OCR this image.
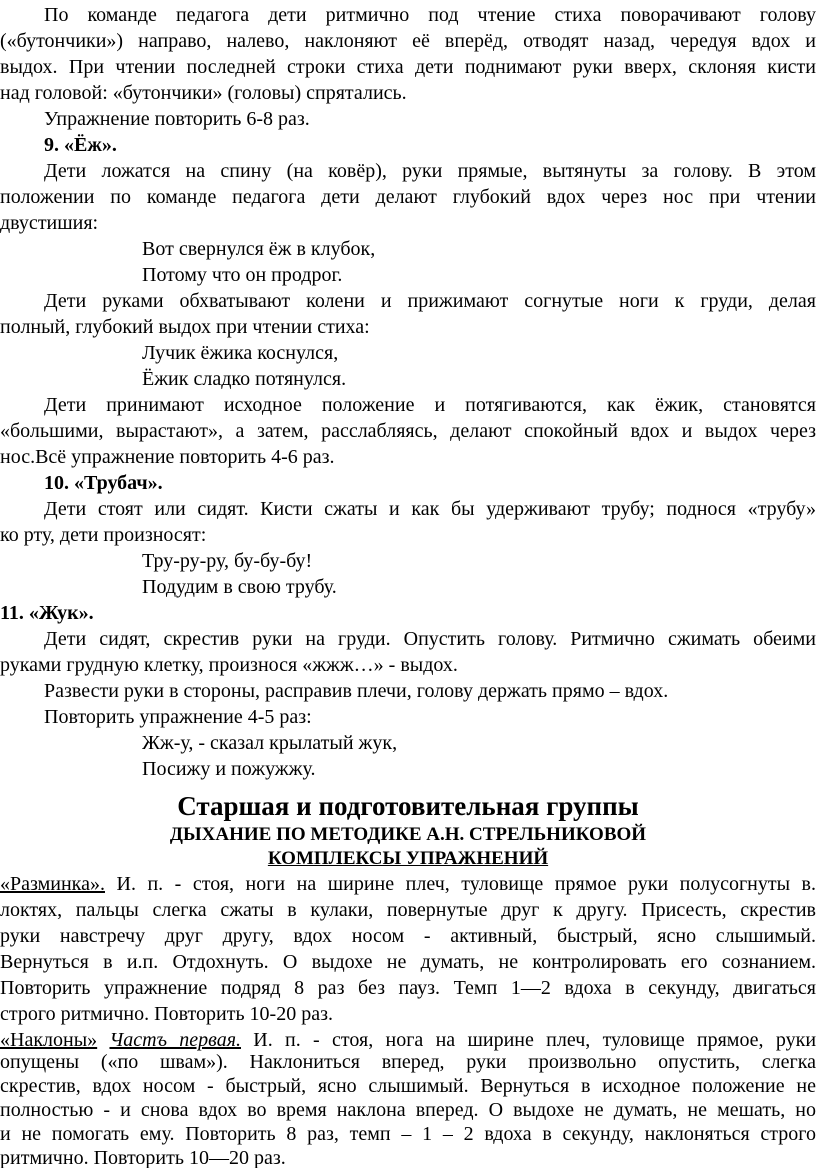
По команде педагога дети ритмично под чтение стиха поворачивают голову
(«бутончики») направо, налево, наклоняют её вперёд, отводят назад, чередуя вдох и
выдох. При чтении последней строки стиха дети поднимают руки вверх, склоняя кисти
над головой: «бутончики» (головы) спрятались.
Упражнение повторить 6-8 раз.
9. «Ёж».
Дети ложатся на спину (на ковёр), руки прямые, вытянуты за голову. В этом
положении по команде педагога дети делают глубокий вдох через нос при чтении
двустишия:
Вот свернулся ёж в клубок,
Потому что он продрог.
Дети руками обхватывают колени и прижимают согнутые ноги к груди, делая
полный, глубокий выдох при чтении стиха:
Лучик ёжика коснулся,
Ёжик сладко потянулся.
Дети принимают исходное положение и потягиваются, как ёжик, становятся
«большими, вырастают», а затем, расслабляясь, делают спокойный вдох и выдох через
нос.Всё упражнение повторить 4-6 раз.
10. «Трубач».
Дети стоят или сидят. Кисти сжаты и как бы удерживают трубу; поднося «трубу»
ко рту, дети произносят:
Тру-ру-ру, бу-бу-бу!
Подудим в свою трубу.
11. «Жук».
Дети сидят, скрестив руки на груди. Опустить голову. Ритмично сжимать обеими
руками грудную клетку, произнося «жжж…» - выдох.
Развести руки в стороны, расправив плечи, голову держать прямо – вдох.
Повторить упражнение 4-5 раз:
Жж-у, - сказал крылатый жук,
Посижу и пожужжу.
Старшая и подготовительная группы
ДЫХАНИЕ ПО МЕТОДИКЕ А.Н. СТРЕЛЬНИКОВОЙ
КОМПЛЕКСЫ УПРАЖНЕНИЙ
«Разминка». И. п. - стоя, ноги на ширине плеч, туловище прямое руки полусогнуты в.
локтях, пальцы слегка сжаты в кулаки, повернутые друг к другу. Присесть, скрестив
руки навстречу друг другу, вдох носом - активный, быстрый, ясно слышимый.
Вернуться в и.п. Отдохнуть. О выдохе не думать, не контролировать его сознанием.
Повторить упражнение подряд 8 раз без пауз. Темп 1—2 вдоха в секунду, двигаться
строго ритмично. Повторить 10-20 раз.
«Наклоны» Частъ первая. И. п. - стоя, нога на ширине плеч, туловище прямое, руки
опущены («по швам»). Наклониться вперед, руки произвольно опустить, слегка
скрестив, вдох носом - быстрый, ясно слышимый. Вернуться в исходное положение не
полностью - и снова вдох во время наклона вперед. О выдохе не думать, не мешать, но
и не помогать ему. Повторить 8 раз, темп – 1 – 2 вдоха в секунду, наклоняться строго
ритмично. Повторить 10—20 раз.
